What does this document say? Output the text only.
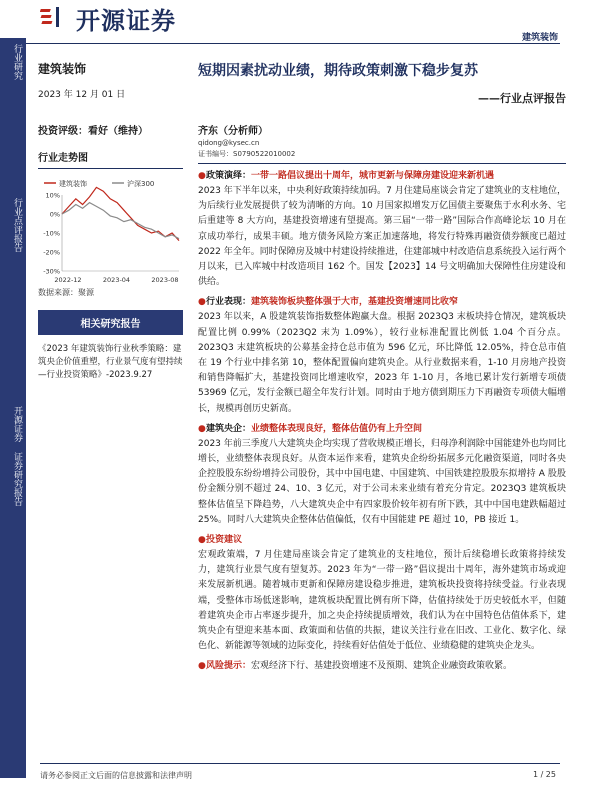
开源证券
建筑装饰
行业研究
行业点评报告
开源证券 证券研究报告
建筑装饰
2023 年 12 月 01 日
投资评级：看好（维持）
行业走势图
建筑装饰	沪深300
10%
0%
-10%
-20%
-30%
2022-12	2023-04	2023-08
数据来源：聚源
相关研究报告
《2023 年建筑装饰行业秋季策略：建筑央企价值重塑，行业景气度有望持续—行业投资策略》-2023.9.27
短期因素扰动业绩，期待政策刺激下稳步复苏
——行业点评报告
齐东（分析师）
qidong@kysec.cn
证书编号：S0790522010002
● 政策演绎：一带一路倡议提出十周年，城市更新与保障房建设迎来新机遇
2023 年下半年以来，中央利好政策持续加码。7 月住建局座谈会肯定了建筑业的支柱地位，为后续行业发展提供了较为清晰的方向。10 月国家拟增发万亿国债主要聚焦于水利水务、宅后重建等 8 大方向，基建投资增速有望提高。第三届“一带一路”国际合作高峰论坛 10 月在京成功举行，成果丰硕。地方债务风险方案正加速落地，将发行特殊再融资债券额度已超过 2022 年全年。同时保障房及城中村建设持续推进，住建部城中村改造信息系统投入运行两个月以来，已入库城中村改造项目 162 个。国发【2023】14 号文明确加大保障性住房建设和供给。
● 行业表现：建筑装饰板块整体强于大市，基建投资增速同比收窄
2023 年以来，A 股建筑装饰指数整体跑赢大盘。根据 2023Q3 末板块持仓情况，建筑板块配置比例 0.99%（2023Q2 末为 1.09%），较行业标准配置比例低 1.04 个百分点。2023Q3 末建筑板块的公募基金持仓总市值为 596 亿元，环比降低 12.05%，持仓总市值在 19 个行业中排名第 10，整体配置偏向建筑央企。从行业数据来看，1-10 月房地产投资和销售降幅扩大，基建投资同比增速收窄，2023 年 1-10 月，各地已累计发行新增专项债 53969 亿元，发行金额已超全年发行计划。同时由于地方债到期压力下再融资专项债大幅增长，规模再创历史新高。
● 建筑央企：业绩整体表现良好，整体估值仍有上升空间
2023 年前三季度八大建筑央企均实现了营收规模正增长，归母净利润除中国能建外也均同比增长，业绩整体表现良好。从资本运作来看，建筑央企纷纷拓展多元化融资渠道，同时各央企控股股东纷纷增持公司股份，其中中国电建、中国建筑、中国铁建控股股东拟增持 A 股股份金额分别不超过 24、10、3 亿元，对于公司未来业绩有着充分肯定。2023Q3 建筑板块整体估值呈下降趋势，八大建筑央企中有四家股价较年初有所下跌，其中中国电建跌幅超过 25%。同时八大建筑央企整体估值偏低，仅有中国能建 PE 超过 10，PB 接近 1。
● 投资建议
宏观政策端，7 月住建局座谈会肯定了建筑业的支柱地位，预计后续稳增长政策将持续发力，建筑行业景气度有望复苏。2023 年为“一带一路”倡议提出十周年，海外建筑市场或迎来发展新机遇。随着城市更新和保障房建设稳步推进，建筑板块投资将持续受益。行业表现端，受整体市场低迷影响，建筑板块配置比例有所下降，估值持续处于历史较低水平，但随着建筑央企市占率逐步提升，加之央企持续提质增效，我们认为在中国特色估值体系下，建筑央企有望迎来基本面、政策面和估值的共振，建议关注行业在旧改、工业化、数字化、绿色化、新能源等领域的边际变化，持续看好估值处于低位、业绩稳健的建筑央企龙头。
● 风险提示：宏观经济下行、基建投资增速不及预期、建筑企业融资政策收紧。
请务必参阅正文后面的信息披露和法律声明	1 / 25
